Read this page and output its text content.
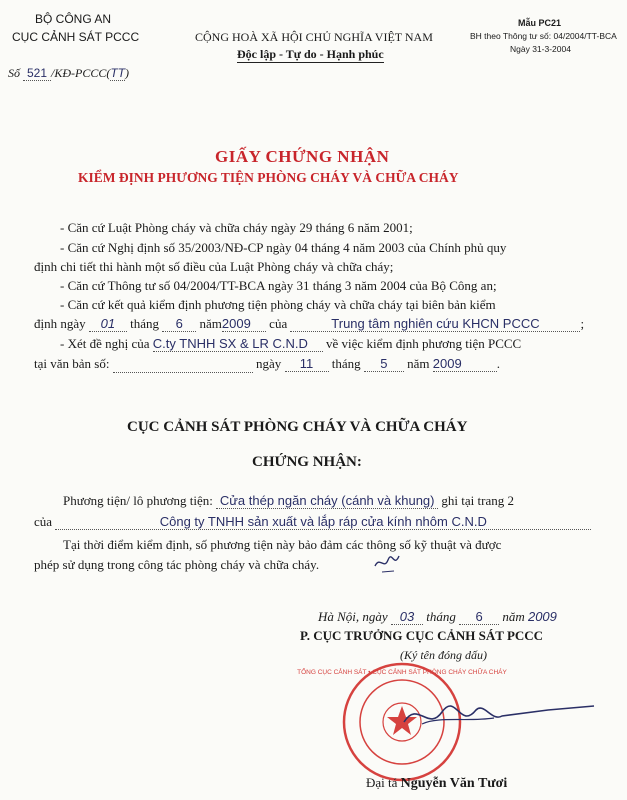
BỘ CÔNG AN
CỤC CẢNH SÁT PCCC
Số 521 /KĐ-PCCC(TT)
CỘNG HOÀ XÃ HỘI CHỦ NGHĨA VIỆT NAM
Độc lập - Tự do - Hạnh phúc
Mẫu PC21
BH theo Thông tư số: 04/2004/TT-BCA
Ngày 31-3-2004
GIẤY CHỨNG NHẬN
KIỂM ĐỊNH PHƯƠNG TIỆN PHÒNG CHÁY VÀ CHỮA CHÁY
- Căn cứ Luật Phòng cháy và chữa cháy ngày 29 tháng 6 năm 2001;
- Căn cứ Nghị định số 35/2003/NĐ-CP ngày 04 tháng 4 năm 2003 của Chính phủ quy
định chi tiết thi hành một số điều của Luật Phòng cháy và chữa cháy;
- Căn cứ Thông tư số 04/2004/TT-BCA ngày 31 tháng 3 năm 2004 của Bộ Công an;
- Căn cứ kết quả kiểm định phương tiện phòng cháy và chữa cháy tại biên bản kiểm
định ngày 01 tháng 6 năm2009 của	Trung tâm nghiên cứu KHCN PCCC	;
- Xét đề nghị của C.ty TNHH SX & LR C.N.D về việc kiểm định phương tiện PCCC
tại văn bản số:	ngày 11 tháng 5 năm 2009	.
CỤC CẢNH SÁT PHÒNG CHÁY VÀ CHỮA CHÁY
CHỨNG NHẬN:
Phương tiện/ lô phương tiện: Cửa thép ngăn cháy (cánh và khung) ghi tại trang 2
của	Công ty TNHH sản xuất và lắp ráp cửa kính nhôm C.N.D
Tại thời điểm kiểm định, số phương tiện này bảo đảm các thông số kỹ thuật và được
phép sử dụng trong công tác phòng cháy và chữa cháy.
Hà Nội, ngày 03 tháng 6 năm 2009
P. CỤC TRƯỞNG CỤC CẢNH SÁT PCCC
(Ký tên đóng dấu)
TỔNG CỤC CẢNH SÁT • CỤC CẢNH SÁT PHÒNG CHÁY CHỮA CHÁY
Đại tá Nguyễn Văn Tươi
